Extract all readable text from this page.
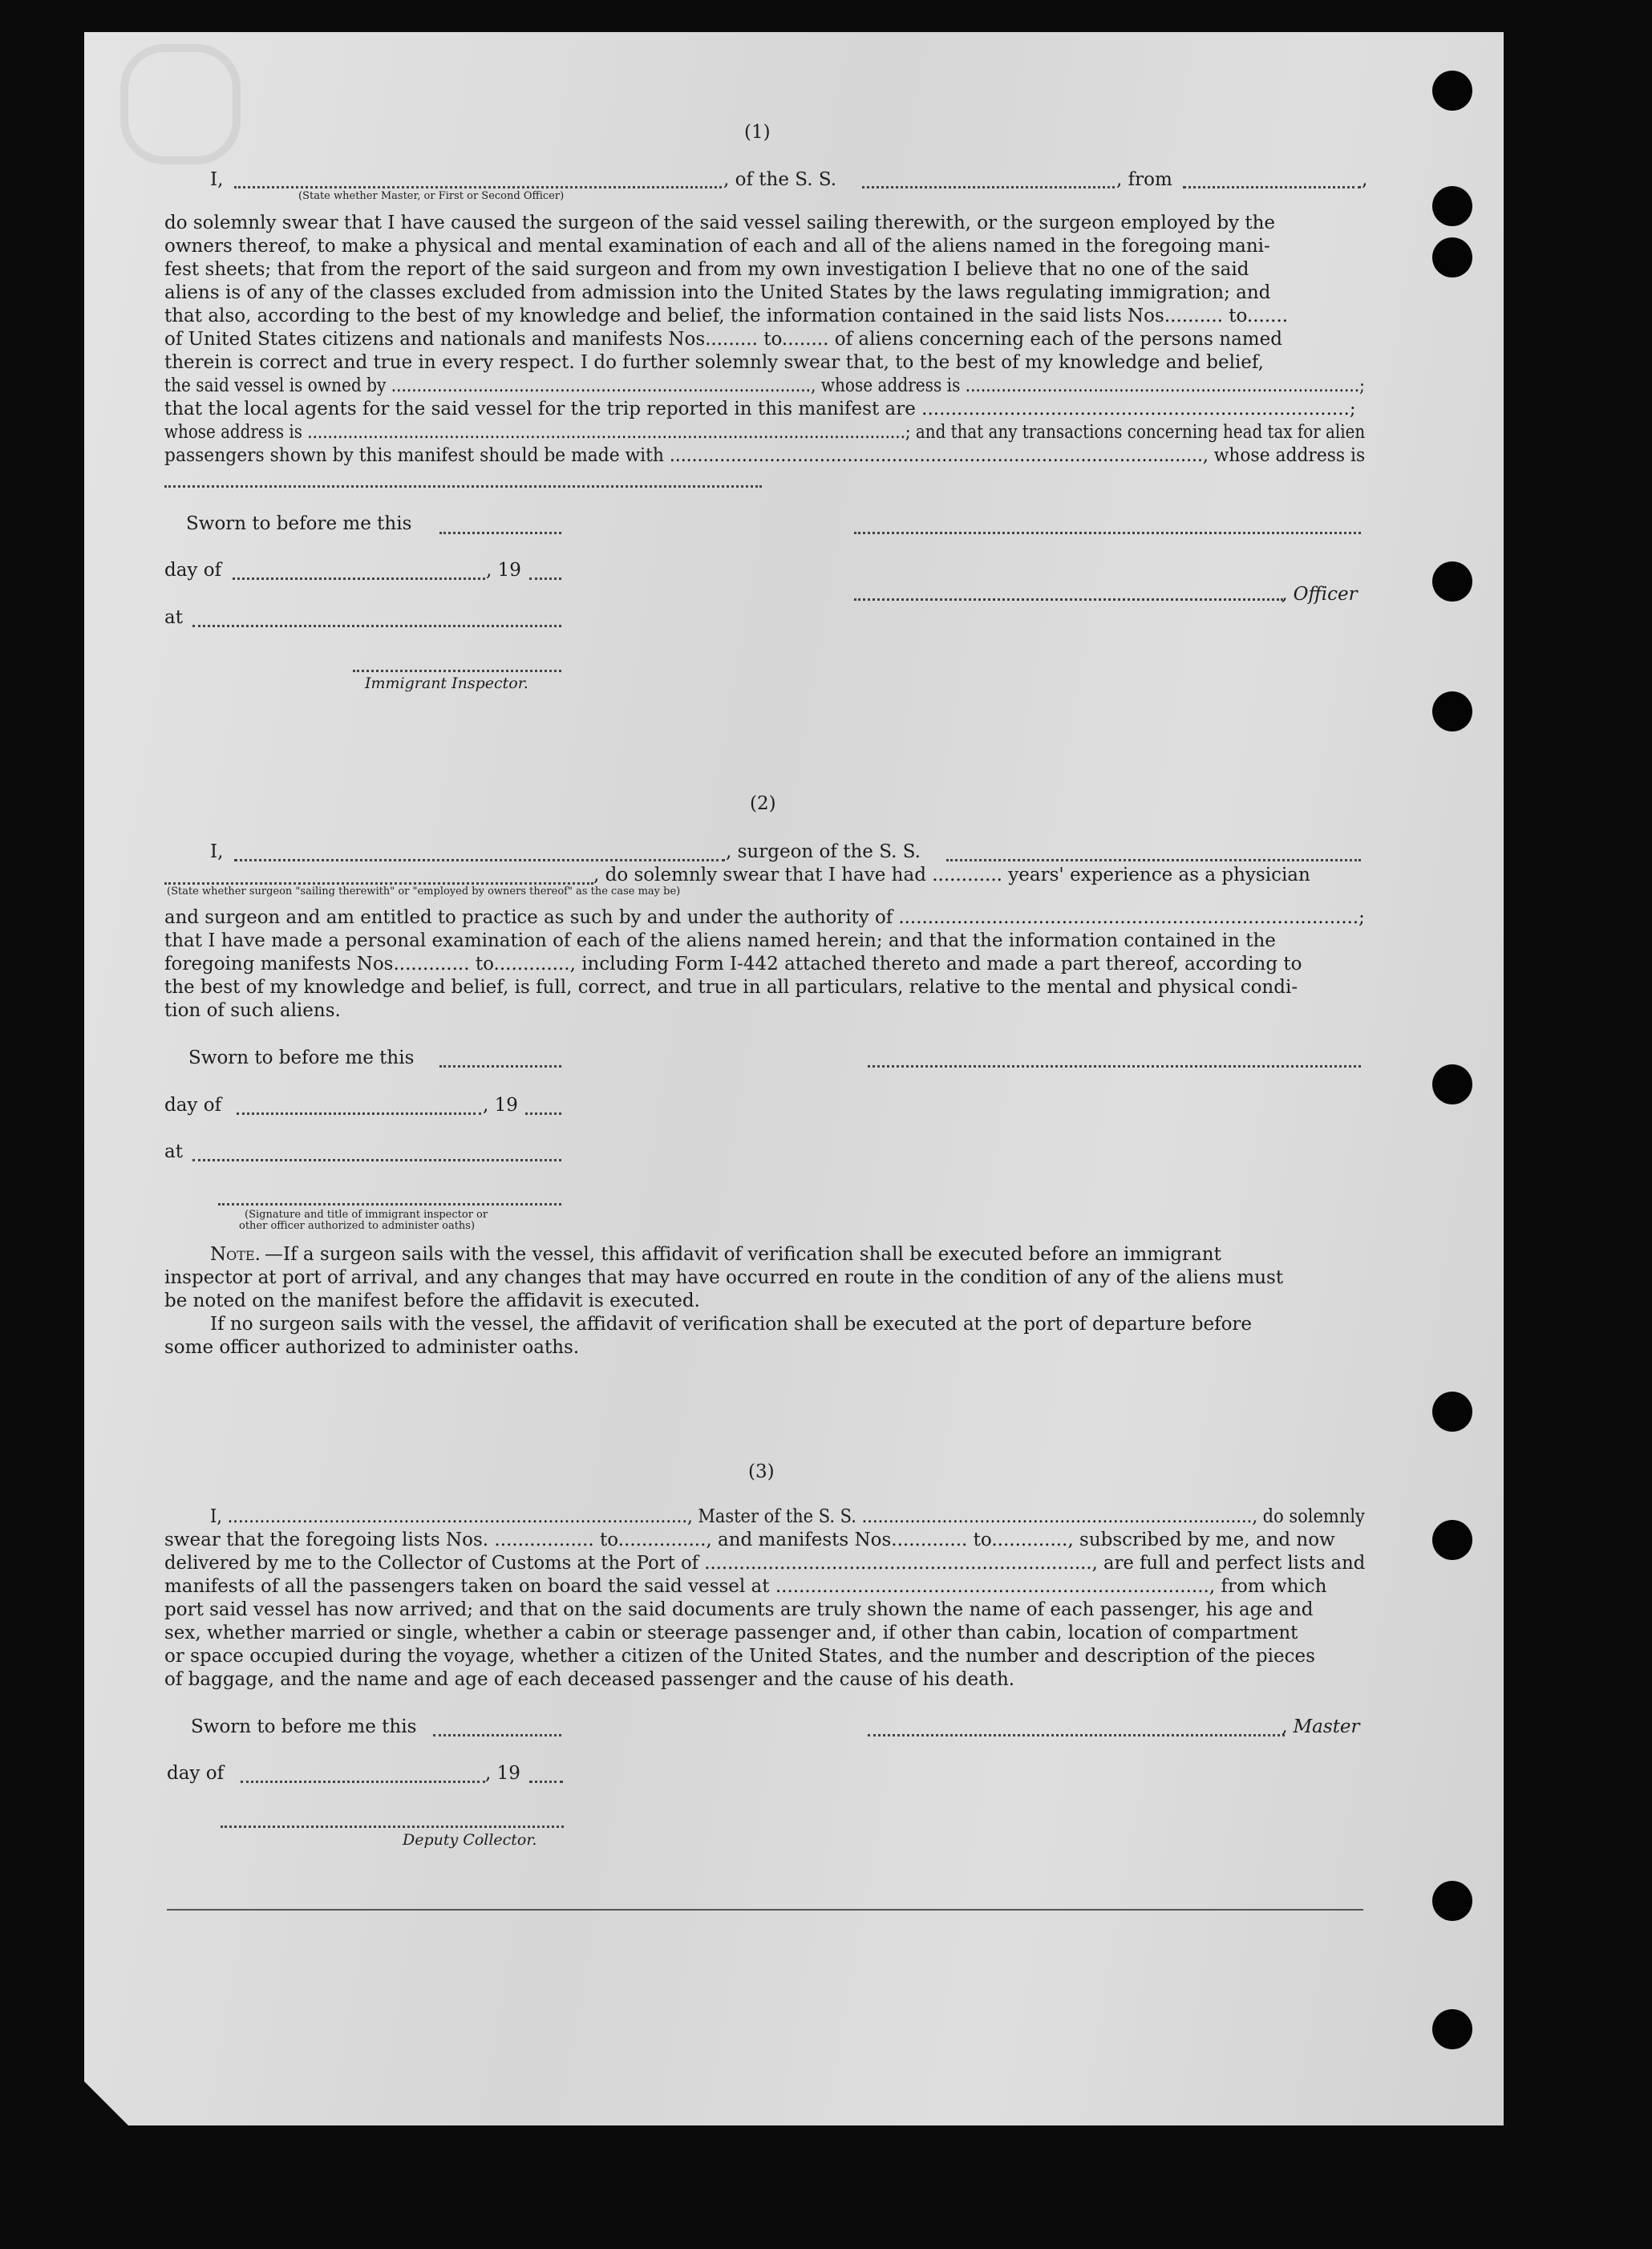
(1)
I,	, of the S. S.	, from	,
(State whether Master, or First or Second Officer)
do solemnly swear that I have caused the surgeon of the said vessel sailing therewith, or the surgeon employed by the
owners thereof, to make a physical and mental examination of each and all of the aliens named in the foregoing mani-
fest sheets; that from the report of the said surgeon and from my own investigation I believe that no one of the said
aliens is of any of the classes excluded from admission into the United States by the laws regulating immigration; and
that also, according to the best of my knowledge and belief, the information contained in the said lists Nos.......... to.......
of United States citizens and nationals and manifests Nos......... to........ of aliens concerning each of the persons named
therein is correct and true in every respect. I do further solemnly swear that, to the best of my knowledge and belief,
the said vessel is owned by .................................................................................., whose address is .............................................................................;
that the local agents for the said vessel for the trip reported in this manifest are .........................................................................;
whose address is ......................................................................................................................; and that any transactions concerning head tax for alien
passengers shown by this manifest should be made with ................................................................................................, whose address is
Sworn to before me this
day of	, 19
, Officer
at
Immigrant Inspector.
(2)
I,	, surgeon of the S. S.
, do solemnly swear that I have had ............ years' experience as a physician
(State whether surgeon "sailing therewith" or "employed by owners thereof" as the case may be)
and surgeon and am entitled to practice as such by and under the authority of ...............................................................................;
that I have made a personal examination of each of the aliens named herein; and that the information contained in the
foregoing manifests Nos............. to............., including Form I-442 attached thereto and made a part thereof, according to
the best of my knowledge and belief, is full, correct, and true in all particulars, relative to the mental and physical condi-
tion of such aliens.
Sworn to before me this
day of	, 19
at
(Signature and title of immigrant inspector or
other officer authorized to administer oaths)
Note. —If a surgeon sails with the vessel, this affidavit of verification shall be executed before an immigrant
inspector at port of arrival, and any changes that may have occurred en route in the condition of any of the aliens must
be noted on the manifest before the affidavit is executed.
If no surgeon sails with the vessel, the affidavit of verification shall be executed at the port of departure before
some officer authorized to administer oaths.
(3)
I, ......................................................................................, Master of the S. S. ........................................................................., do solemnly
swear that the foregoing lists Nos. ................. to..............., and manifests Nos............. to............., subscribed by me, and now
delivered by me to the Collector of Customs at the Port of ..................................................................., are full and perfect lists and
manifests of all the passengers taken on board the said vessel at .........................................................................., from which
port said vessel has now arrived; and that on the said documents are truly shown the name of each passenger, his age and
sex, whether married or single, whether a cabin or steerage passenger and, if other than cabin, location of compartment
or space occupied during the voyage, whether a citizen of the United States, and the number and description of the pieces
of baggage, and the name and age of each deceased passenger and the cause of his death.
Sworn to before me this	, Master
day of	, 19
Deputy Collector.
